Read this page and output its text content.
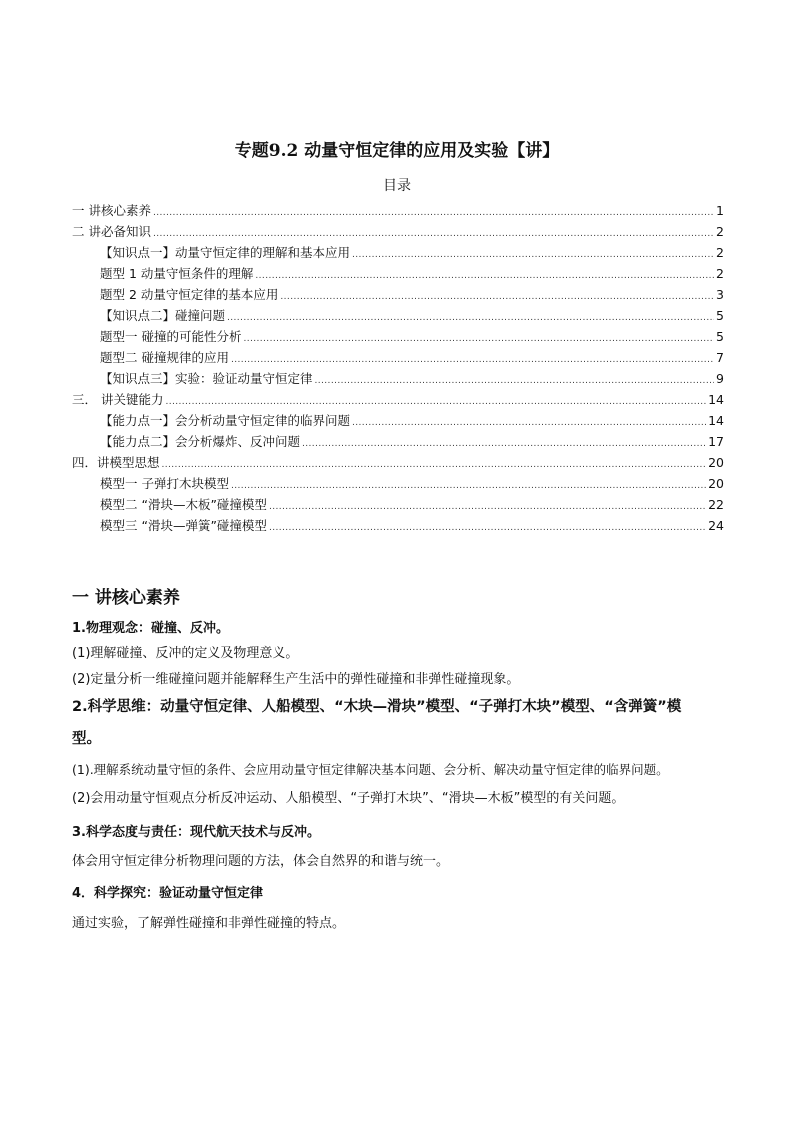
专题9.2 动量守恒定律的应用及实验【讲】
目录
一 讲核心素养 .....	1
二 讲必备知识 .....	2
【知识点一】动量守恒定律的理解和基本应用 .....	2
题型 1 动量守恒条件的理解 .....	2
题型 2 动量守恒定律的基本应用 .....	3
【知识点二】碰撞问题 .....	5
题型一 碰撞的可能性分析 .....	5
题型二 碰撞规律的应用 .....	7
【知识点三】实验：验证动量守恒定律 .....	9
三． 讲关键能力 .....	14
【能力点一】会分析动量守恒定律的临界问题 .....	14
【能力点二】会分析爆炸、反冲问题 .....	17
四．讲模型思想 .....	20
模型一 子弹打木块模型 .....	20
模型二 “滑块—木板”碰撞模型 .....	22
模型三 “滑块—弹簧”碰撞模型 .....	24
一 讲核心素养
1.物理观念：碰撞、反冲。
(1)理解碰撞、反冲的定义及物理意义。
(2)定量分析一维碰撞问题并能解释生产生活中的弹性碰撞和非弹性碰撞现象。
2.科学思维：动量守恒定律、人船模型、“木块—滑块”模型、“子弹打木块”模型、“含弹簧”模
型。
(1).理解系统动量守恒的条件、会应用动量守恒定律解决基本问题、会分析、解决动量守恒定律的临界问题。
(2)会用动量守恒观点分析反冲运动、人船模型、“子弹打木块”、“滑块—木板”模型的有关问题。
3.科学态度与责任：现代航天技术与反冲。
体会用守恒定律分析物理问题的方法，体会自然界的和谐与统一。
4．科学探究：验证动量守恒定律
通过实验，了解弹性碰撞和非弹性碰撞的特点。
